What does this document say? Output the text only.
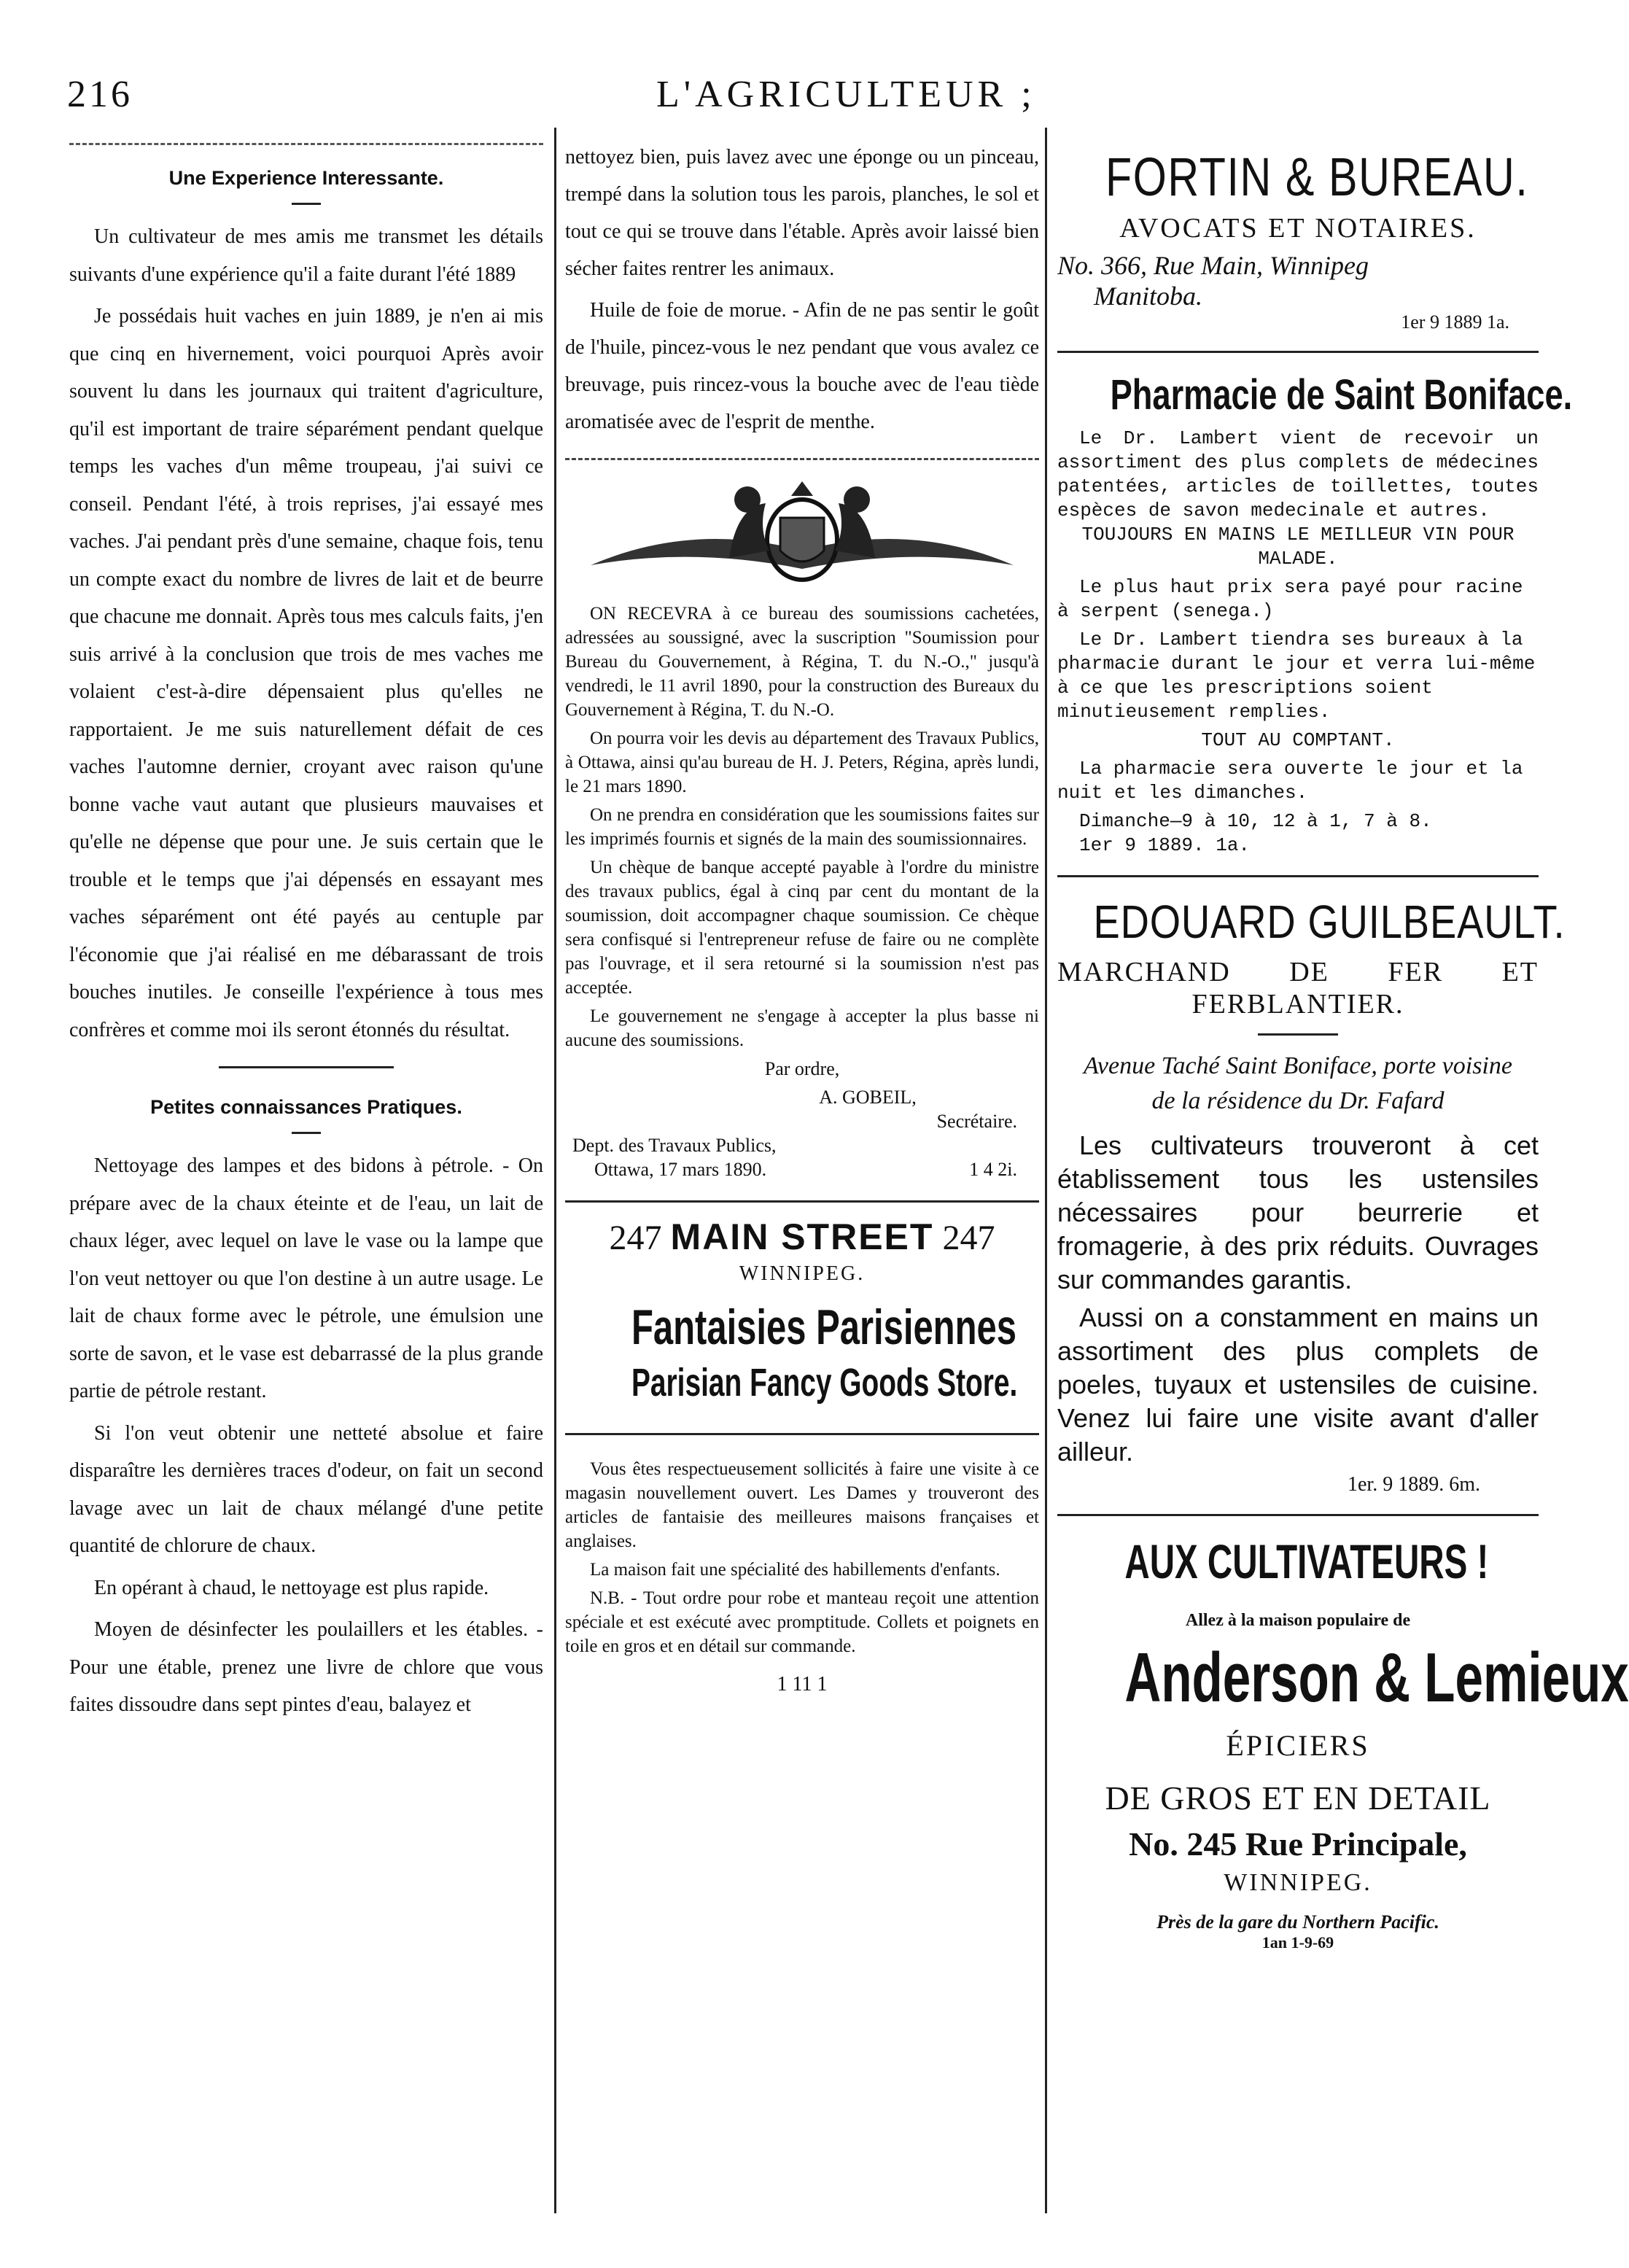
216	L'AGRICULTEUR ;
Une Experience Interessante.

Un cultivateur de mes amis me transmet les détails suivants d'une expérience qu'il a faite durant l'été 1889

Je possédais huit vaches en juin 1889, je n'en ai mis que cinq en hivernement, voici pourquoi Après avoir souvent lu dans les journaux qui traitent d'agriculture, qu'il est important de traire séparément pendant quelque temps les vaches d'un même troupeau, j'ai suivi ce conseil. Pendant l'été, à trois reprises, j'ai essayé mes vaches. J'ai pendant près d'une semaine, chaque fois, tenu un compte exact du nombre de livres de lait et de beurre que chacune me donnait. Après tous mes calculs faits, j'en suis arrivé à la conclusion que trois de mes vaches me volaient c'est-à-dire dépensaient plus qu'elles ne rapportaient. Je me suis naturellement défait de ces vaches l'automne dernier, croyant avec raison qu'une bonne vache vaut autant que plusieurs mauvaises et qu'elle ne dépense que pour une. Je suis certain que le trouble et le temps que j'ai dépensés en essayant mes vaches séparément ont été payés au centuple par l'économie que j'ai réalisé en me débarassant de trois bouches inutiles. Je conseille l'expérience à tous mes confrères et comme moi ils seront étonnés du résultat.

Petites connaissances Pratiques.

Nettoyage des lampes et des bidons à pétrole. - On prépare avec de la chaux éteinte et de l'eau, un lait de chaux léger, avec lequel on lave le vase ou la lampe que l'on veut nettoyer ou que l'on destine à un autre usage. Le lait de chaux forme avec le pétrole, une émulsion une sorte de savon, et le vase est debarrassé de la plus grande partie de pétrole restant.

Si l'on veut obtenir une netteté absolue et faire disparaître les dernières traces d'odeur, on fait un second lavage avec un lait de chaux mélangé d'une petite quantité de chlorure de chaux.

En opérant à chaud, le nettoyage est plus rapide.

Moyen de désinfecter les poulaillers et les étables. - Pour une étable, prenez une livre de chlore que vous faites dissoudre dans sept pintes d'eau, balayez et

nettoyez bien, puis lavez avec une éponge ou un pinceau, trempé dans la solution tous les parois, planches, le sol et tout ce qui se trouve dans l'étable. Après avoir laissé bien sécher faites rentrer les animaux.

Huile de foie de morue. - Afin de ne pas sentir le goût de l'huile, pincez-vous le nez pendant que vous avalez ce breuvage, puis rincez-vous la bouche avec de l'eau tiède aromatisée avec de l'esprit de menthe.

ON RECEVRA à ce bureau des soumissions cachetées, adressées au soussigné, avec la suscription "Soumission pour Bureau du Gouvernement, à Régina, T. du N.-O.," jusqu'à vendredi, le 11 avril 1890, pour la construction des Bureaux du Gouvernement à Régina, T. du N.-O.

On pourra voir les devis au département des Travaux Publics, à Ottawa, ainsi qu'au bureau de H. J. Peters, Régina, après lundi, le 21 mars 1890.

On ne prendra en considération que les soumissions faites sur les imprimés fournis et signés de la main des soumissionnaires.

Un chèque de banque accepté payable à l'ordre du ministre des travaux publics, égal à cinq par cent du montant de la soumission, doit accompagner chaque soumission. Ce chèque sera confisqué si l'entrepreneur refuse de faire ou ne complète pas l'ouvrage, et il sera retourné si la soumission n'est pas acceptée.

Le gouvernement ne s'engage à accepter la plus basse ni aucune des soumissions.

Par ordre,
A. GOBEIL,
Secrétaire.
Dept. des Travaux Publics,
Ottawa, 17 mars 1890.	1 4 2i.
247 MAIN STREET 247
WINNIPEG.
Fantaisies Parisiennes
Parisian Fancy Goods Store.

Vous êtes respectueusement sollicités à faire une visite à ce magasin nouvellement ouvert. Les Dames y trouveront des articles de fantaisie des meilleures maisons françaises et anglaises.

La maison fait une spécialité des habillements d'enfants.

N.B. - Tout ordre pour robe et manteau reçoit une attention spéciale et est exécuté avec promptitude. Collets et poignets en toile en gros et en détail sur commande.

1 11 1
FORTIN & BUREAU.
AVOCATS ET NOTAIRES.
No. 366, Rue Main, Winnipeg
Manitoba.
1er 9 1889 1a.
Pharmacie de Saint Boniface.
Le Dr. Lambert vient de recevoir un assortiment des plus complets de médecines patentées, articles de toillettes, toutes espèces de savon medecinale et autres.
TOUJOURS EN MAINS LE MEILLEUR VIN POUR MALADE.
Le plus haut prix sera payé pour racine à serpent (senega.)
Le Dr. Lambert tiendra ses bureaux à la pharmacie durant le jour et verra lui-même à ce que les prescriptions soient minutieusement remplies.
TOUT AU COMPTANT.
La pharmacie sera ouverte le jour et la nuit et les dimanches.
Dimanche—9 à 10, 12 à 1, 7 à 8.
1er 9 1889. 1a.
EDOUARD GUILBEAULT.
MARCHAND DE FER ET
FERBLANTIER.
Avenue Taché Saint Boniface, porte voisine de la résidence du Dr. Fafard

Les cultivateurs trouveront à cet établissement tous les ustensiles nécessaires pour beurrerie et fromagerie, à des prix réduits. Ouvrages sur commandes garantis.

Aussi on a constamment en mains un assortiment des plus complets de poeles, tuyaux et ustensiles de cuisine. Venez lui faire une visite avant d'aller ailleur.

1er. 9 1889. 6m.
AUX CULTIVATEURS !
Allez à la maison populaire de
Anderson & Lemieux
ÉPICIERS
DE GROS ET EN DETAIL
No. 245 Rue Principale,
WINNIPEG.
Près de la gare du Northern Pacific.
1an 1-9-69
